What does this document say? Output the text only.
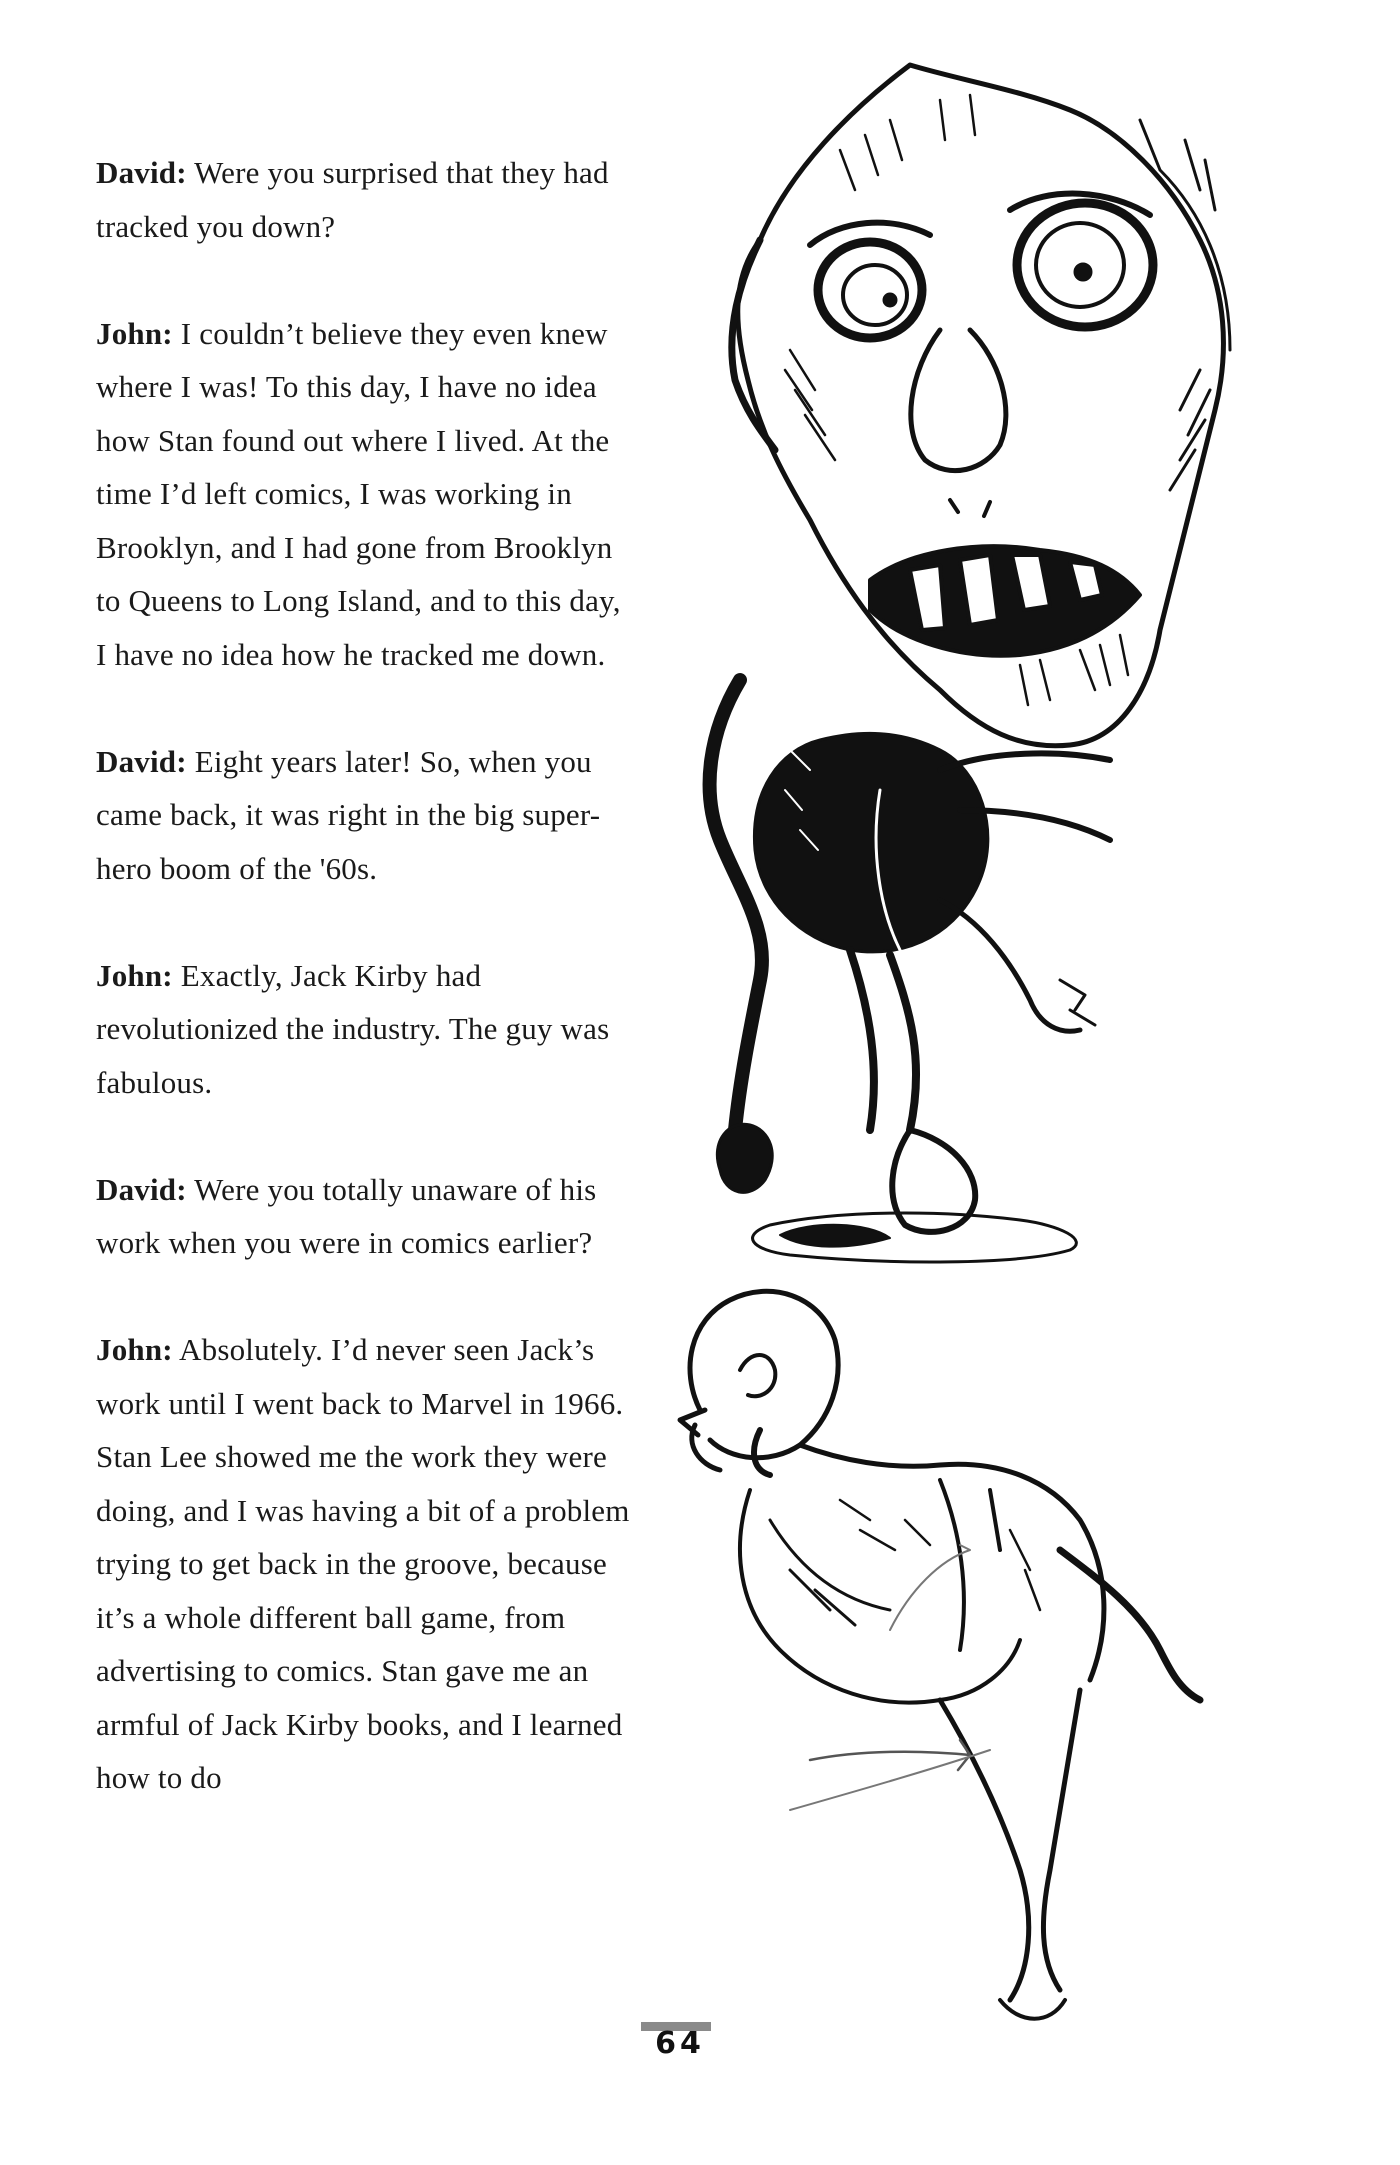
David: Were you surprised that they had tracked you down?

John: I couldn’t believe they even knew where I was! To this day, I have no idea how Stan found out where I lived. At the time I’d left comics, I was working in Brooklyn, and I had gone from Brooklyn to Queens to Long Island, and to this day, I have no idea how he tracked me down.

David: Eight years later! So, when you came back, it was right in the big super-hero boom of the '60s.

John: Exactly, Jack Kirby had revolutionized the industry. The guy was fabulous.

David: Were you totally unaware of his work when you were in comics earlier?

John: Absolutely. I’d never seen Jack’s work until I went back to Marvel in 1966. Stan Lee showed me the work they were doing, and I was having a bit of a problem trying to get back in the groove, because it’s a whole different ball game, from advertising to comics. Stan gave me an armful of Jack Kirby books, and I learned how to do

64
